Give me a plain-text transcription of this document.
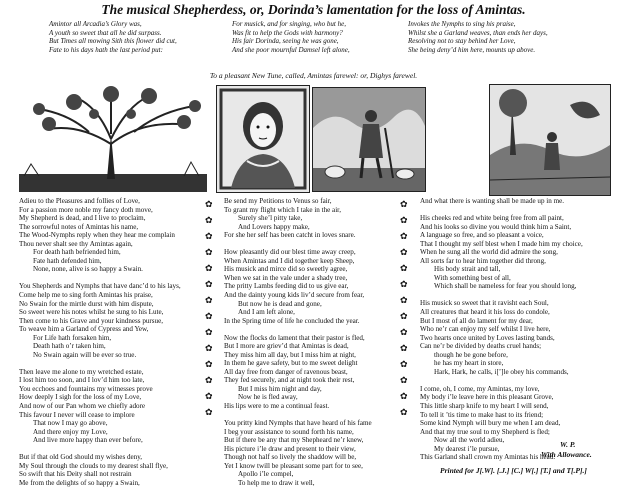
The musical Shepherdess, or, Dorinda’s lamentation for the loss of Amintas.
Amintor all Arcadia’s Glory was,
A youth so sweet that all he did surpass.
But Times all mowing Sith this flower did cut,
Fate to his days hath the last period put:
For musick, and for singing, who but he,
Was fit to help the Gods with harmony?
His fair Dorinda, seeing he was gone,
And she poor mournful Damsel left alone,
Invokes the Nymphs to sing his praise,
Whilst she a Garland weaves, than ends her days,
Resolving not to stay behind her Love,
She being deny’d him here, mounts up above.
To a pleasant New Tune, called, Amintas farewel: or, Dighys farewel.
Adieu to the Pleasures and follies of Love,
For a passion more noble my fancy doth move,
My Shepherd is dead, and I live to proclaim,
The sorrowful notes of Amintas his name,
The Wood-Nymphs reply when they hear me complain
Thou never shalt see thy Amintas again,
For death hath befriended him,
Fate hath defended him,
None, none, alive is so happy a Swain.
You Shepherds and Nymphs that have danc’d to his lays,
Come help me to sing forth Amintas his praise,
No Swain for the mirtle durst with him dispute,
So sweet were his notes whilst he sung to his Lute,
Then come to his Grave and your kindness pursue,
To weave him a Garland of Cypress and Yew,
For Life hath forsaken him,
Death hath o’r taken him,
No Swain again will be ever so true.
Then leave me alone to my wretched estate,
I lost him too soon, and I lov’d him too late,
You ecchoes and fountains my witnesses prove
How deeply I sigh for the loss of my Love,
And now of our Pan whom we chiefly adore
This favour I never will cease to implore
That now I may go above,
And there enjoy my Love,
And live more happy than ever before,
But if that old God should my wishes deny,
My Soul through the clouds to my dearest shall flye,
So swift that his Deity shall not restrain
Me from the delights of so happy a Swain,
✿

✿

✿

✿

✿

✿

✿

✿

✿

✿

✿

✿

✿

✿
✿

✿

✿

✿

✿

✿

✿

✿

✿

✿

✿

✿

✿

✿
Be send my Petitions to Venus so fair,
To grant my flight which I take in the air,
Surely she’l pitty take,
And Lovers happy make,
For she her self has been catcht in loves snare.
How pleasantly did our blest time away creep,
When Amintas and I did together keep Sheep,
His musick and mirce did so sweetly agree,
When we sat in the vale under a shady tree,
The pritty Lambs feeding did to us give ear,
And the dainty young kids liv’d secure from fear,
But now he is dead and gone,
And I am left alone,
In the Spring time of life he concluded the year.
Now the flocks do lament that their pastor is fled,
But I more are griev’d that Amintas is dead,
They miss him all day, but I miss him at night,
In them he gave safety, but to me sweet delight
All day free from danger of ravenous beast,
They fed securely, and at night took their rest,
But I miss him night and day,
Now he is fled away,
His lips were to me a continual feast.
You pritty kind Nymphs that have heard of his fame
I beg your assistance to sound forth his name,
But if there be any that my Shepheard ne’r knew,
His picture i’le draw and present to their view,
Though not half so lively the shaddow will be,
Yet I know twill be pleasant some part for to see,
Apollo i’le compel,
To help me to draw it well,
And what there is wanting shall be made up in me.
His cheeks red and white being free from all paint,
And his looks so divine you would think him a Saint,
A language so free, and so pleasant a voice,
That I thought my self blest when I made him my choice,
When he sung all the world did admire the song,
All sorts far to hear him together did throng,
His body strait and tall,
With something best of all,
Which shall be nameless for fear you should long,
His musick so sweet that it ravisht each Soul,
All creatures that heard it his loss do condole,
But I most of all do lament for my dear,
Who ne’r can enjoy my self whilst I live here,
Two hearts once united by Loves lasting bands,
Can ne’r be divided by deaths cruel hands;
though he be gone before,
he has my heart in store,
Hark, Hark, he calls, i[’]le obey his commands,
I come, oh, I come, my Amintas, my love,
My body i’le leave here in this pleasant Grove,
This little sharp knife to my heart I will send,
To tell it ’tis time to make hast to its friend;
Some kind Nymph will bury me when I am dead,
And that my true soul to my Shepherd is fled;
Now all the world adieu,
My dearest i’le pursue,
This Garland shall crown my Amintas his head.
W. P.
With Allowance.
Printed for J[.W]. [.J.] [C.] W[.] [T.] and T[.P].]
